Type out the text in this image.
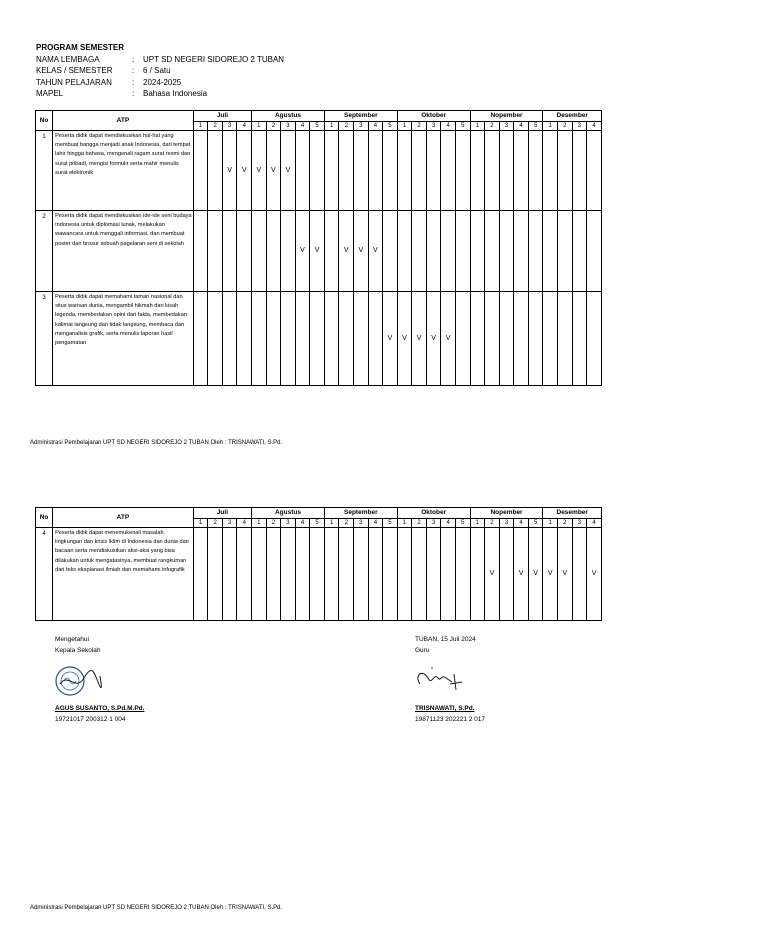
PROGRAM SEMESTER
NAMA LEMBAGA	:	UPT SD NEGERI SIDOREJO 2 TUBAN
KELAS / SEMESTER	:	6 / Satu
TAHUN PELAJARAN	:	2024-2025
MAPEL	:	Bahasa Indonesia
No	ATP	Juli				Agustus					September					Oktober					Nopember					Desember			
		1	2	3	4	1	2	3	4	5	1	2	3	4	5	1	2	3	4	5	1	2	3	4	5	1	2	3	4
1	Peserta didik dapat mendiskusikan hal-hal yang membuat bangga menjadi anak Indonesia, dari tempat lahir hingga bahasa, mengenali ragam surat resmi dan surat pribadi, mengisi formulir serta mahir menulis surat elektronik			V	V	V	V	V																					
2	Peserta didik dapat mendiskusikan ide-ide seni budaya Indonesia untuk diplomasi lunak, melakukan wawancara untuk menggali informasi, dan membuat poster dan brosur sebuah pagelaran seni di sekolah								V	V		V	V	V															
3	Peserta didik dapat memahami taman nasional dan situs warisan dunia, mengambil hikmah dari kisah legenda, membedakan opini dari fakta, membedakan kalimat langsung dan tidak langsung, membaca dan menganalisis grafik, serta menulis laporan hasil pengamatan														V	V	V	V	V										
Administrasi Pembelajaran UPT SD NEGERI SIDOREJO 2 TUBAN Oleh : TRISNAWATI, S.Pd.
No	ATP	Juli				Agustus					September					Oktober					Nopember					Desember			
		1	2	3	4	1	2	3	4	5	1	2	3	4	5	1	2	3	4	5	1	2	3	4	5	1	2	3	4
4	Peserta didik dapat menemukenali masalah lingkungan dan krisis iklim di Indonesia dan dunia dari bacaan serta mendiskusikan aksi-aksi yang bisa dilakukan untuk mengatasinya, membuat rangkuman dari teks eksplanasi ilmiah dan memahami infografik																					V		V	V	V	V		V
Mengetahui
Kepala Sekolah
AGUS SUSANTO, S.Pd.M.Pd.
19721017 200312 1 004
TUBAN, 15 Juli 2024
Guru
TRISNAWATI, S.Pd.
19871123 202221 2 017
Administrasi Pembelajaran UPT SD NEGERI SIDOREJO 2 TUBAN Oleh : TRISNAWATI, S.Pd.
